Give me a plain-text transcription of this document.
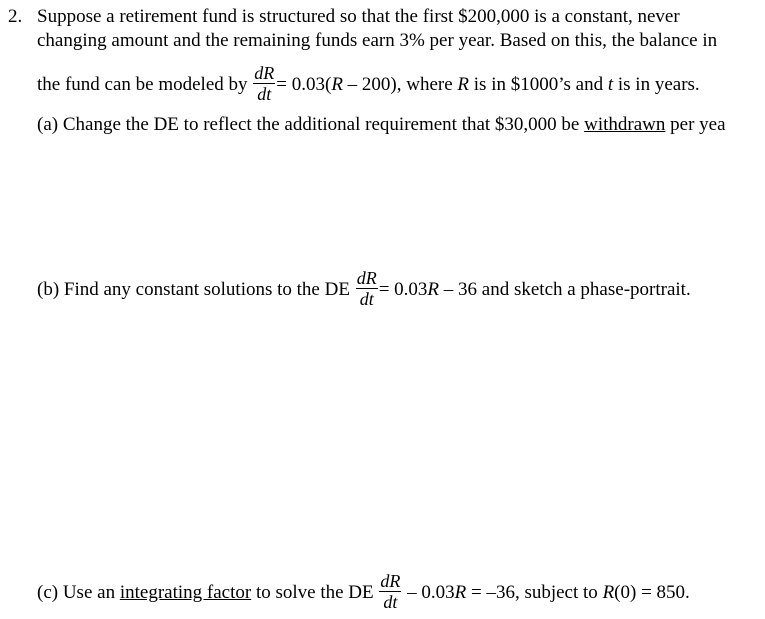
2. Suppose a retirement fund is structured so that the first $200,000 is a constant, never
changing amount and the remaining funds earn 3% per year. Based on this, the balance in
the fund can be modeled by $\frac{dR}{dt} = 0.03(R - 200)$, where R is in $1000’s and t is in years.
(a) Change the DE to reflect the additional requirement that $30,000 be withdrawn per yea
(b) Find any constant solutions to the DE $\frac{dR}{dt} = 0.03R - 36$ and sketch a phase-portrait.
(c) Use an integrating factor to solve the DE $\frac{dR}{dt} - 0.03R = -36$, subject to R(0) = 850.
